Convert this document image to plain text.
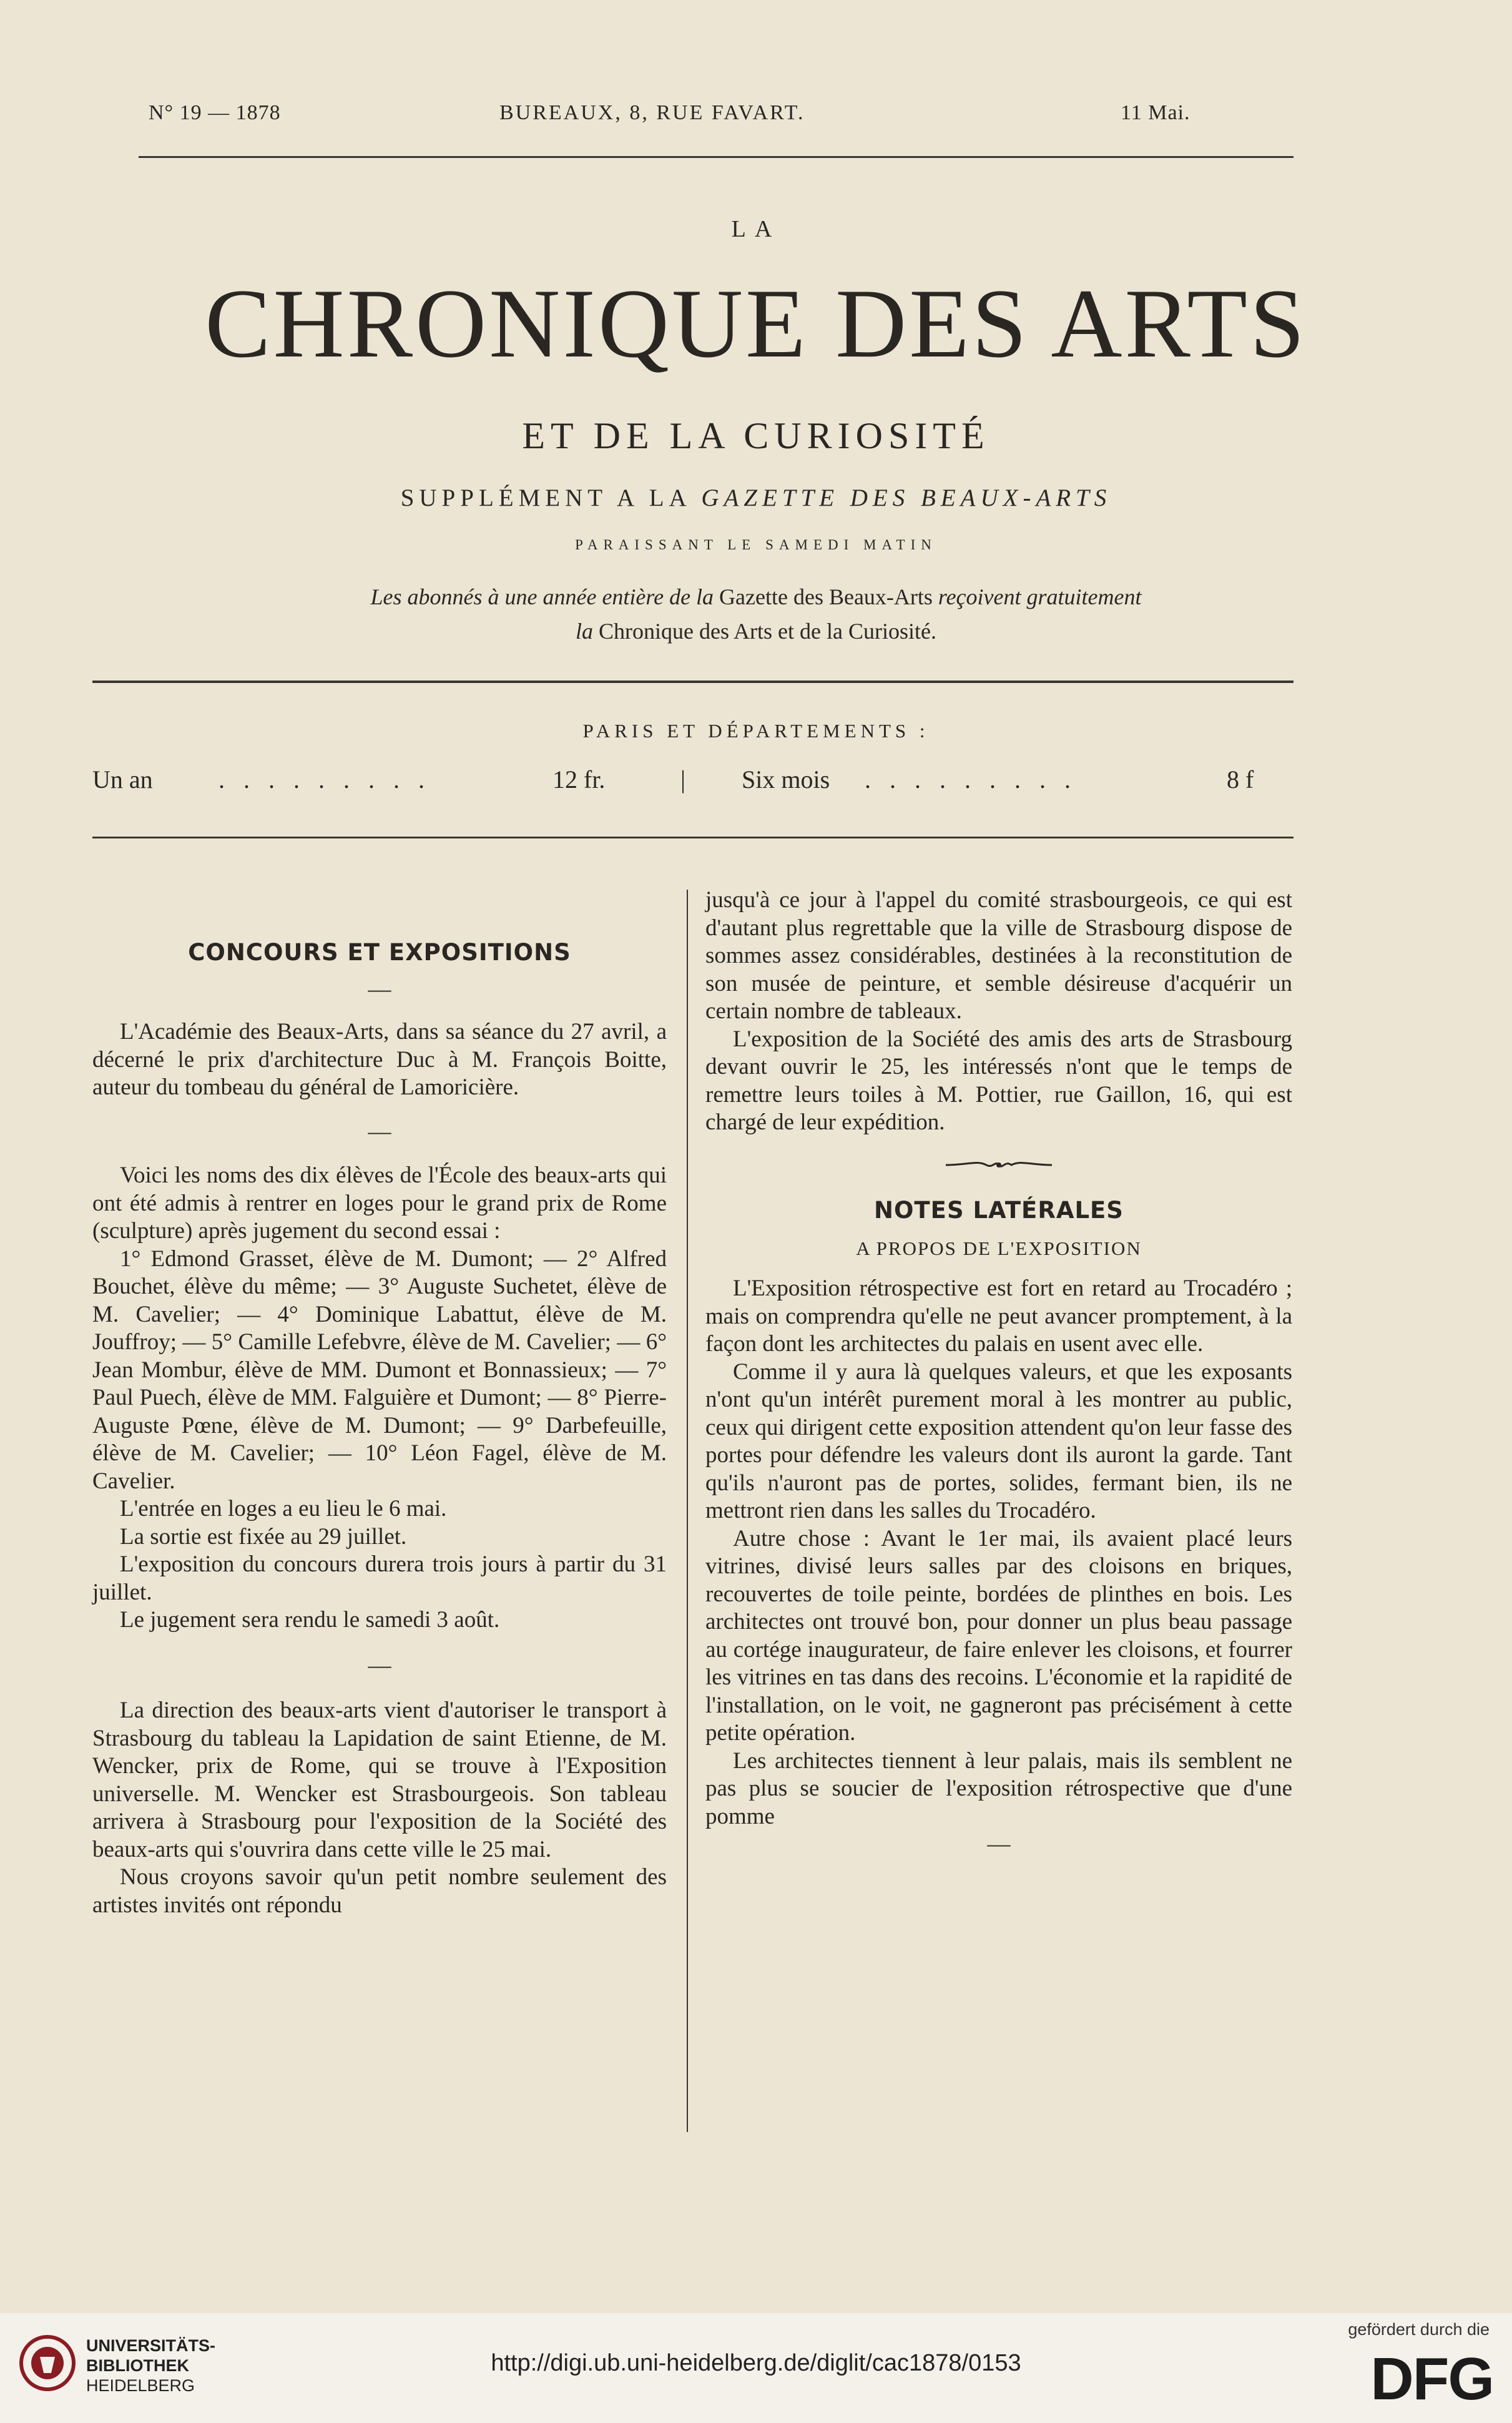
N° 19 — 1878	BUREAUX, 8, RUE FAVART.	11 Mai.
LA
CHRONIQUE DES ARTS
ET DE LA CURIOSITÉ
SUPPLÉMENT A LA GAZETTE DES BEAUX-ARTS
PARAISSANT LE SAMEDI MATIN
Les abonnés à une année entière de la Gazette des Beaux-Arts reçoivent gratuitement
la Chronique des Arts et de la Curiosité.
PARIS ET DÉPARTEMENTS :
Un an	. . . . . . . . .	12 fr.	| Six mois . . . . . . . . .	8 f

CONCOURS ET EXPOSITIONS

—

L'Académie des Beaux-Arts, dans sa séance du 27 avril, a décerné le prix d'architecture Duc à M. François Boitte, auteur du tombeau du général de Lamoricière.

—

Voici les noms des dix élèves de l'École des beaux-arts qui ont été admis à rentrer en loges pour le grand prix de Rome (sculpture) après jugement du second essai :

1° Edmond Grasset, élève de M. Dumont; — 2° Alfred Bouchet, élève du même; — 3° Auguste Suchetet, élève de M. Cavelier; — 4° Dominique Labattut, élève de M. Jouffroy; — 5° Camille Lefebvre, élève de M. Cavelier; — 6° Jean Mombur, élève de MM. Dumont et Bonnassieux; — 7° Paul Puech, élève de MM. Falguière et Dumont; — 8° Pierre-Auguste Pœne, élève de M. Dumont; — 9° Darbefeuille, élève de M. Cavelier; — 10° Léon Fagel, élève de M. Cavelier.

L'entrée en loges a eu lieu le 6 mai.

La sortie est fixée au 29 juillet.

L'exposition du concours durera trois jours à partir du 31 juillet.

Le jugement sera rendu le samedi 3 août.

—

La direction des beaux-arts vient d'autoriser le transport à Strasbourg du tableau la Lapidation de saint Etienne, de M. Wencker, prix de Rome, qui se trouve à l'Exposition universelle. M. Wencker est Strasbourgeois. Son tableau arrivera à Strasbourg pour l'exposition de la Société des beaux-arts qui s'ouvrira dans cette ville le 25 mai.

Nous croyons savoir qu'un petit nombre seulement des artistes invités ont répondu

jusqu'à ce jour à l'appel du comité strasbourgeois, ce qui est d'autant plus regrettable que la ville de Strasbourg dispose de sommes assez considérables, destinées à la reconstitution de son musée de peinture, et semble désireuse d'acquérir un certain nombre de tableaux.

L'exposition de la Société des amis des arts de Strasbourg devant ouvrir le 25, les intéressés n'ont que le temps de remettre leurs toiles à M. Pottier, rue Gaillon, 16, qui est chargé de leur expédition.

NOTES LATÉRALES

A PROPOS DE L'EXPOSITION

L'Exposition rétrospective est fort en retard au Trocadéro ; mais on comprendra qu'elle ne peut avancer promptement, à la façon dont les architectes du palais en usent avec elle.

Comme il y aura là quelques valeurs, et que les exposants n'ont qu'un intérêt purement moral à les montrer au public, ceux qui dirigent cette exposition attendent qu'on leur fasse des portes pour défendre les valeurs dont ils auront la garde. Tant qu'ils n'auront pas de portes, solides, fermant bien, ils ne mettront rien dans les salles du Trocadéro.

Autre chose : Avant le 1er mai, ils avaient placé leurs vitrines, divisé leurs salles par des cloisons en briques, recouvertes de toile peinte, bordées de plinthes en bois. Les architectes ont trouvé bon, pour donner un plus beau passage au cortége inaugurateur, de faire enlever les cloisons, et fourrer les vitrines en tas dans des recoins. L'économie et la rapidité de l'installation, on le voit, ne gagneront pas précisément à cette petite opération.

Les architectes tiennent à leur palais, mais ils semblent ne pas plus se soucier de l'exposition rétrospective que d'une pomme

—

UNIVERSITÄTS-
BIBLIOTHEK
HEIDELBERG
http://digi.ub.uni-heidelberg.de/diglit/cac1878/0153
gefördert durch die
DFG
